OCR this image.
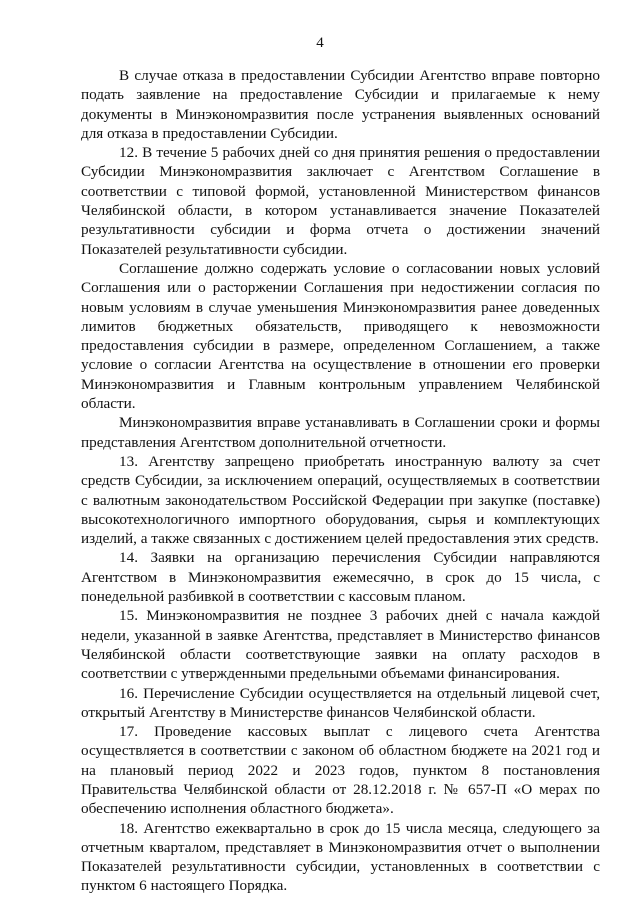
4

В случае отказа в предоставлении Субсидии Агентство вправе повторно подать заявление на предоставление Субсидии и прилагаемые к нему документы в Минэкономразвития после устранения выявленных оснований для отказа в предоставлении Субсидии.

12. В течение 5 рабочих дней со дня принятия решения о предоставлении Субсидии Минэкономразвития заключает с Агентством Соглашение в соответствии с типовой формой, установленной Министерством финансов Челябинской области, в котором устанавливается значение Показателей результативности субсидии и форма отчета о достижении значений Показателей результативности субсидии.

Соглашение должно содержать условие о согласовании новых условий Соглашения или о расторжении Соглашения при недостижении согласия по новым условиям в случае уменьшения Минэкономразвития ранее доведенных лимитов бюджетных обязательств, приводящего к невозможности предоставления субсидии в размере, определенном Соглашением, а также условие о согласии Агентства на осуществление в отношении его проверки Минэкономразвития и Главным контрольным управлением Челябинской области.

Минэкономразвития вправе устанавливать в Соглашении сроки и формы представления Агентством дополнительной отчетности.

13. Агентству запрещено приобретать иностранную валюту за счет средств Субсидии, за исключением операций, осуществляемых в соответствии с валютным законодательством Российской Федерации при закупке (поставке) высокотехнологичного импортного оборудования, сырья и комплектующих изделий, а также связанных с достижением целей предоставления этих средств.

14. Заявки на организацию перечисления Субсидии направляются Агентством в Минэкономразвития ежемесячно, в срок до 15 числа, с понедельной разбивкой в соответствии с кассовым планом.

15. Минэкономразвития не позднее 3 рабочих дней с начала каждой недели, указанной в заявке Агентства, представляет в Министерство финансов Челябинской области соответствующие заявки на оплату расходов в соответствии с утвержденными предельными объемами финансирования.

16. Перечисление Субсидии осуществляется на отдельный лицевой счет, открытый Агентству в Министерстве финансов Челябинской области.

17. Проведение кассовых выплат с лицевого счета Агентства осуществляется в соответствии с законом об областном бюджете на 2021 год и на плановый период 2022 и 2023 годов, пунктом 8 постановления Правительства Челябинской области от 28.12.2018 г. № 657-П «О мерах по обеспечению исполнения областного бюджета».

18. Агентство ежеквартально в срок до 15 числа месяца, следующего за отчетным кварталом, представляет в Минэкономразвития отчет о выполнении Показателей результативности субсидии, установленных в соответствии с пунктом 6 настоящего Порядка.
